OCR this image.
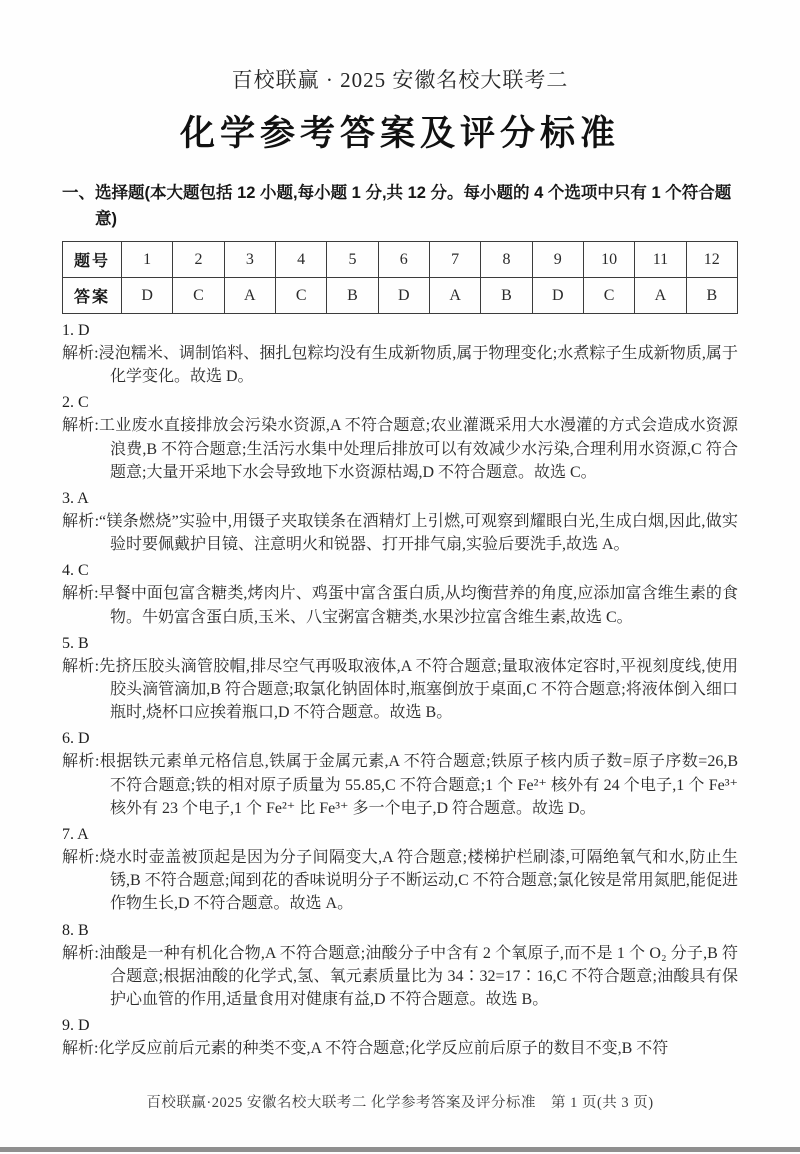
百校联赢 · 2025 安徽名校大联考二
化学参考答案及评分标准
一、选择题(本大题包括 12 小题,每小题 1 分,共 12 分。每小题的 4 个选项中只有 1 个符合题意)
题号	1	2	3	4	5	6	7	8	9	10	11	12
答案	D	C	A	C	B	D	A	B	D	C	A	B
1. D

解析:浸泡糯米、调制馅料、捆扎包粽均没有生成新物质,属于物理变化;水煮粽子生成新物质,属于化学变化。故选 D。

2. C

解析:工业废水直接排放会污染水资源,A 不符合题意;农业灌溉采用大水漫灌的方式会造成水资源浪费,B 不符合题意;生活污水集中处理后排放可以有效减少水污染,合理利用水资源,C 符合题意;大量开采地下水会导致地下水资源枯竭,D 不符合题意。故选 C。

3. A

解析:“镁条燃烧”实验中,用镊子夹取镁条在酒精灯上引燃,可观察到耀眼白光,生成白烟,因此,做实验时要佩戴护目镜、注意明火和锐器、打开排气扇,实验后要洗手,故选 A。

4. C

解析:早餐中面包富含糖类,烤肉片、鸡蛋中富含蛋白质,从均衡营养的角度,应添加富含维生素的食物。牛奶富含蛋白质,玉米、八宝粥富含糖类,水果沙拉富含维生素,故选 C。

5. B

解析:先挤压胶头滴管胶帽,排尽空气再吸取液体,A 不符合题意;量取液体定容时,平视刻度线,使用胶头滴管滴加,B 符合题意;取氯化钠固体时,瓶塞倒放于桌面,C 不符合题意;将液体倒入细口瓶时,烧杯口应挨着瓶口,D 不符合题意。故选 B。

6. D

解析:根据铁元素单元格信息,铁属于金属元素,A 不符合题意;铁原子核内质子数=原子序数=26,B 不符合题意;铁的相对原子质量为 55.85,C 不符合题意;1 个 Fe²⁺ 核外有 24 个电子,1 个 Fe³⁺ 核外有 23 个电子,1 个 Fe²⁺ 比 Fe³⁺ 多一个电子,D 符合题意。故选 D。

7. A

解析:烧水时壶盖被顶起是因为分子间隔变大,A 符合题意;楼梯护栏刷漆,可隔绝氧气和水,防止生锈,B 不符合题意;闻到花的香味说明分子不断运动,C 不符合题意;氯化铵是常用氮肥,能促进作物生长,D 不符合题意。故选 A。

8. B

解析:油酸是一种有机化合物,A 不符合题意;油酸分子中含有 2 个氧原子,而不是 1 个 O₂ 分子,B 符合题意;根据油酸的化学式,氢、氧元素质量比为 34∶32=17∶16,C 不符合题意;油酸具有保护心血管的作用,适量食用对健康有益,D 不符合题意。故选 B。

9. D

解析:化学反应前后元素的种类不变,A 不符合题意;化学反应前后原子的数目不变,B 不符

百校联赢·2025 安徽名校大联考二 化学参考答案及评分标准　第 1 页(共 3 页)
